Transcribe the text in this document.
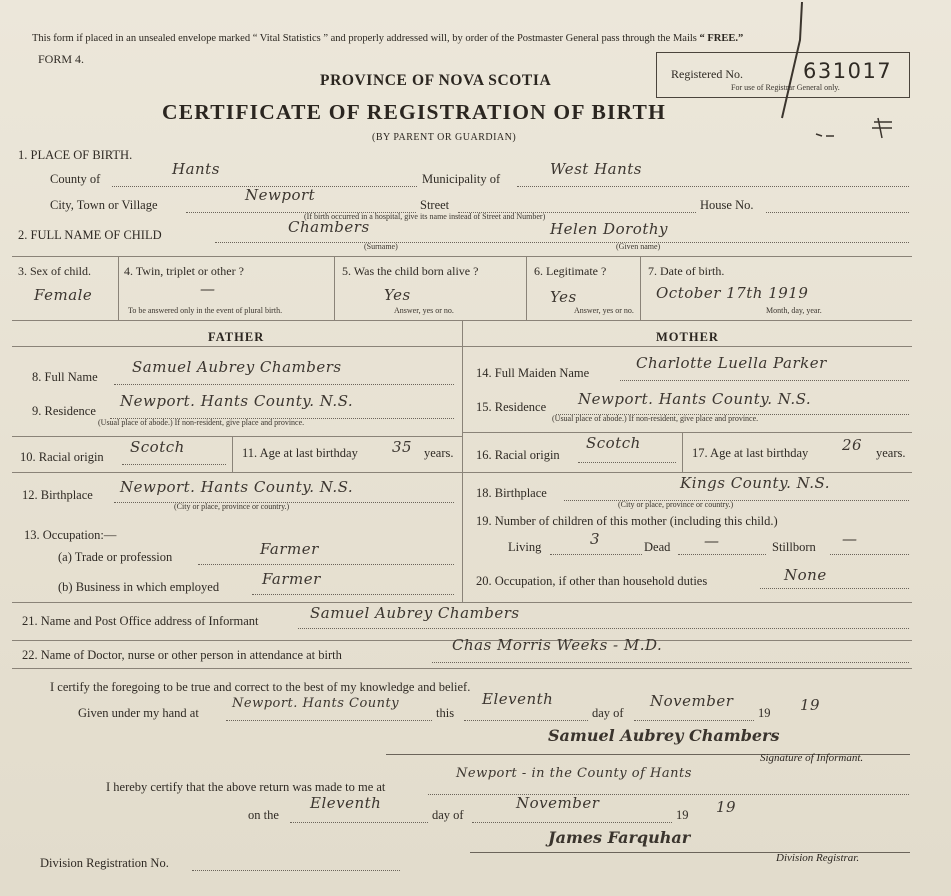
This form if placed in an unsealed envelope marked “ Vital Statistics ” and properly addressed will, by order of the Postmaster General pass through the Mails “ FREE.”
FORM 4.
PROVINCE OF NOVA SCOTIA
CERTIFICATE OF REGISTRATION OF BIRTH
(BY PARENT OR GUARDIAN)
Registered No.	631017
For use of Registrar General only.
1. PLACE OF BIRTH.
County of
Hants
Municipality of
West Hants
City, Town or Village
Newport
Street	House No.
(If birth occurred in a hospital, give its name instead of Street and Number)
2. FULL NAME OF CHILD	Chambers
(Surname)
Helen Dorothy
(Given name)
3. Sex of child.
Female
4. Twin, triplet or other ?
—
To be answered only in the event of plural birth.
5. Was the child born alive ?
Yes
Answer, yes or no.
6. Legitimate ?
Yes
Answer, yes or no.
7. Date of birth.
October 17th 1919
Month, day, year.
FATHER	MOTHER
8. Full Name
Samuel Aubrey Chambers
9. Residence
Newport. Hants County. N.S.
(Usual place of abode.) If non-resident, give place and province.
10. Racial origin
Scotch	11. Age at last birthday 35 years.
12. Birthplace Newport. Hants County. N.S.
(City or place, province or country.)
13. Occupation:—
(a) Trade or profession	Farmer
(b) Business in which employed	Farmer
14. Full Maiden Name
Charlotte Luella Parker
15. Residence Newport. Hants County. N.S.
(Usual place of abode.) If non-resident, give place and province.
16. Racial origin
Scotch
17. Age at last birthday 26 years.
18. Birthplace
Kings County. N.S.
(City or place, province or country.)
19. Number of children of this mother (including this child.)
Living	3	Dead —	Stillborn —
20. Occupation, if other than household duties	None
21. Name and Post Office address of Informant	Samuel Aubrey Chambers
22. Name of Doctor, nurse or other person in attendance at birth
Chas Morris Weeks - M.D.
I certify the foregoing to be true and correct to the best of my knowledge and belief.
Given under my hand at
Newport. Hants County
this
Eleventh
day of
November
19 19
Samuel Aubrey Chambers
Signature of Informant.
I hereby certify that the above return was made to me at
Newport - in the County of Hants
on the
Eleventh
day of
November
19 19
James Farquhar
Division Registrar.
Division Registration No.
